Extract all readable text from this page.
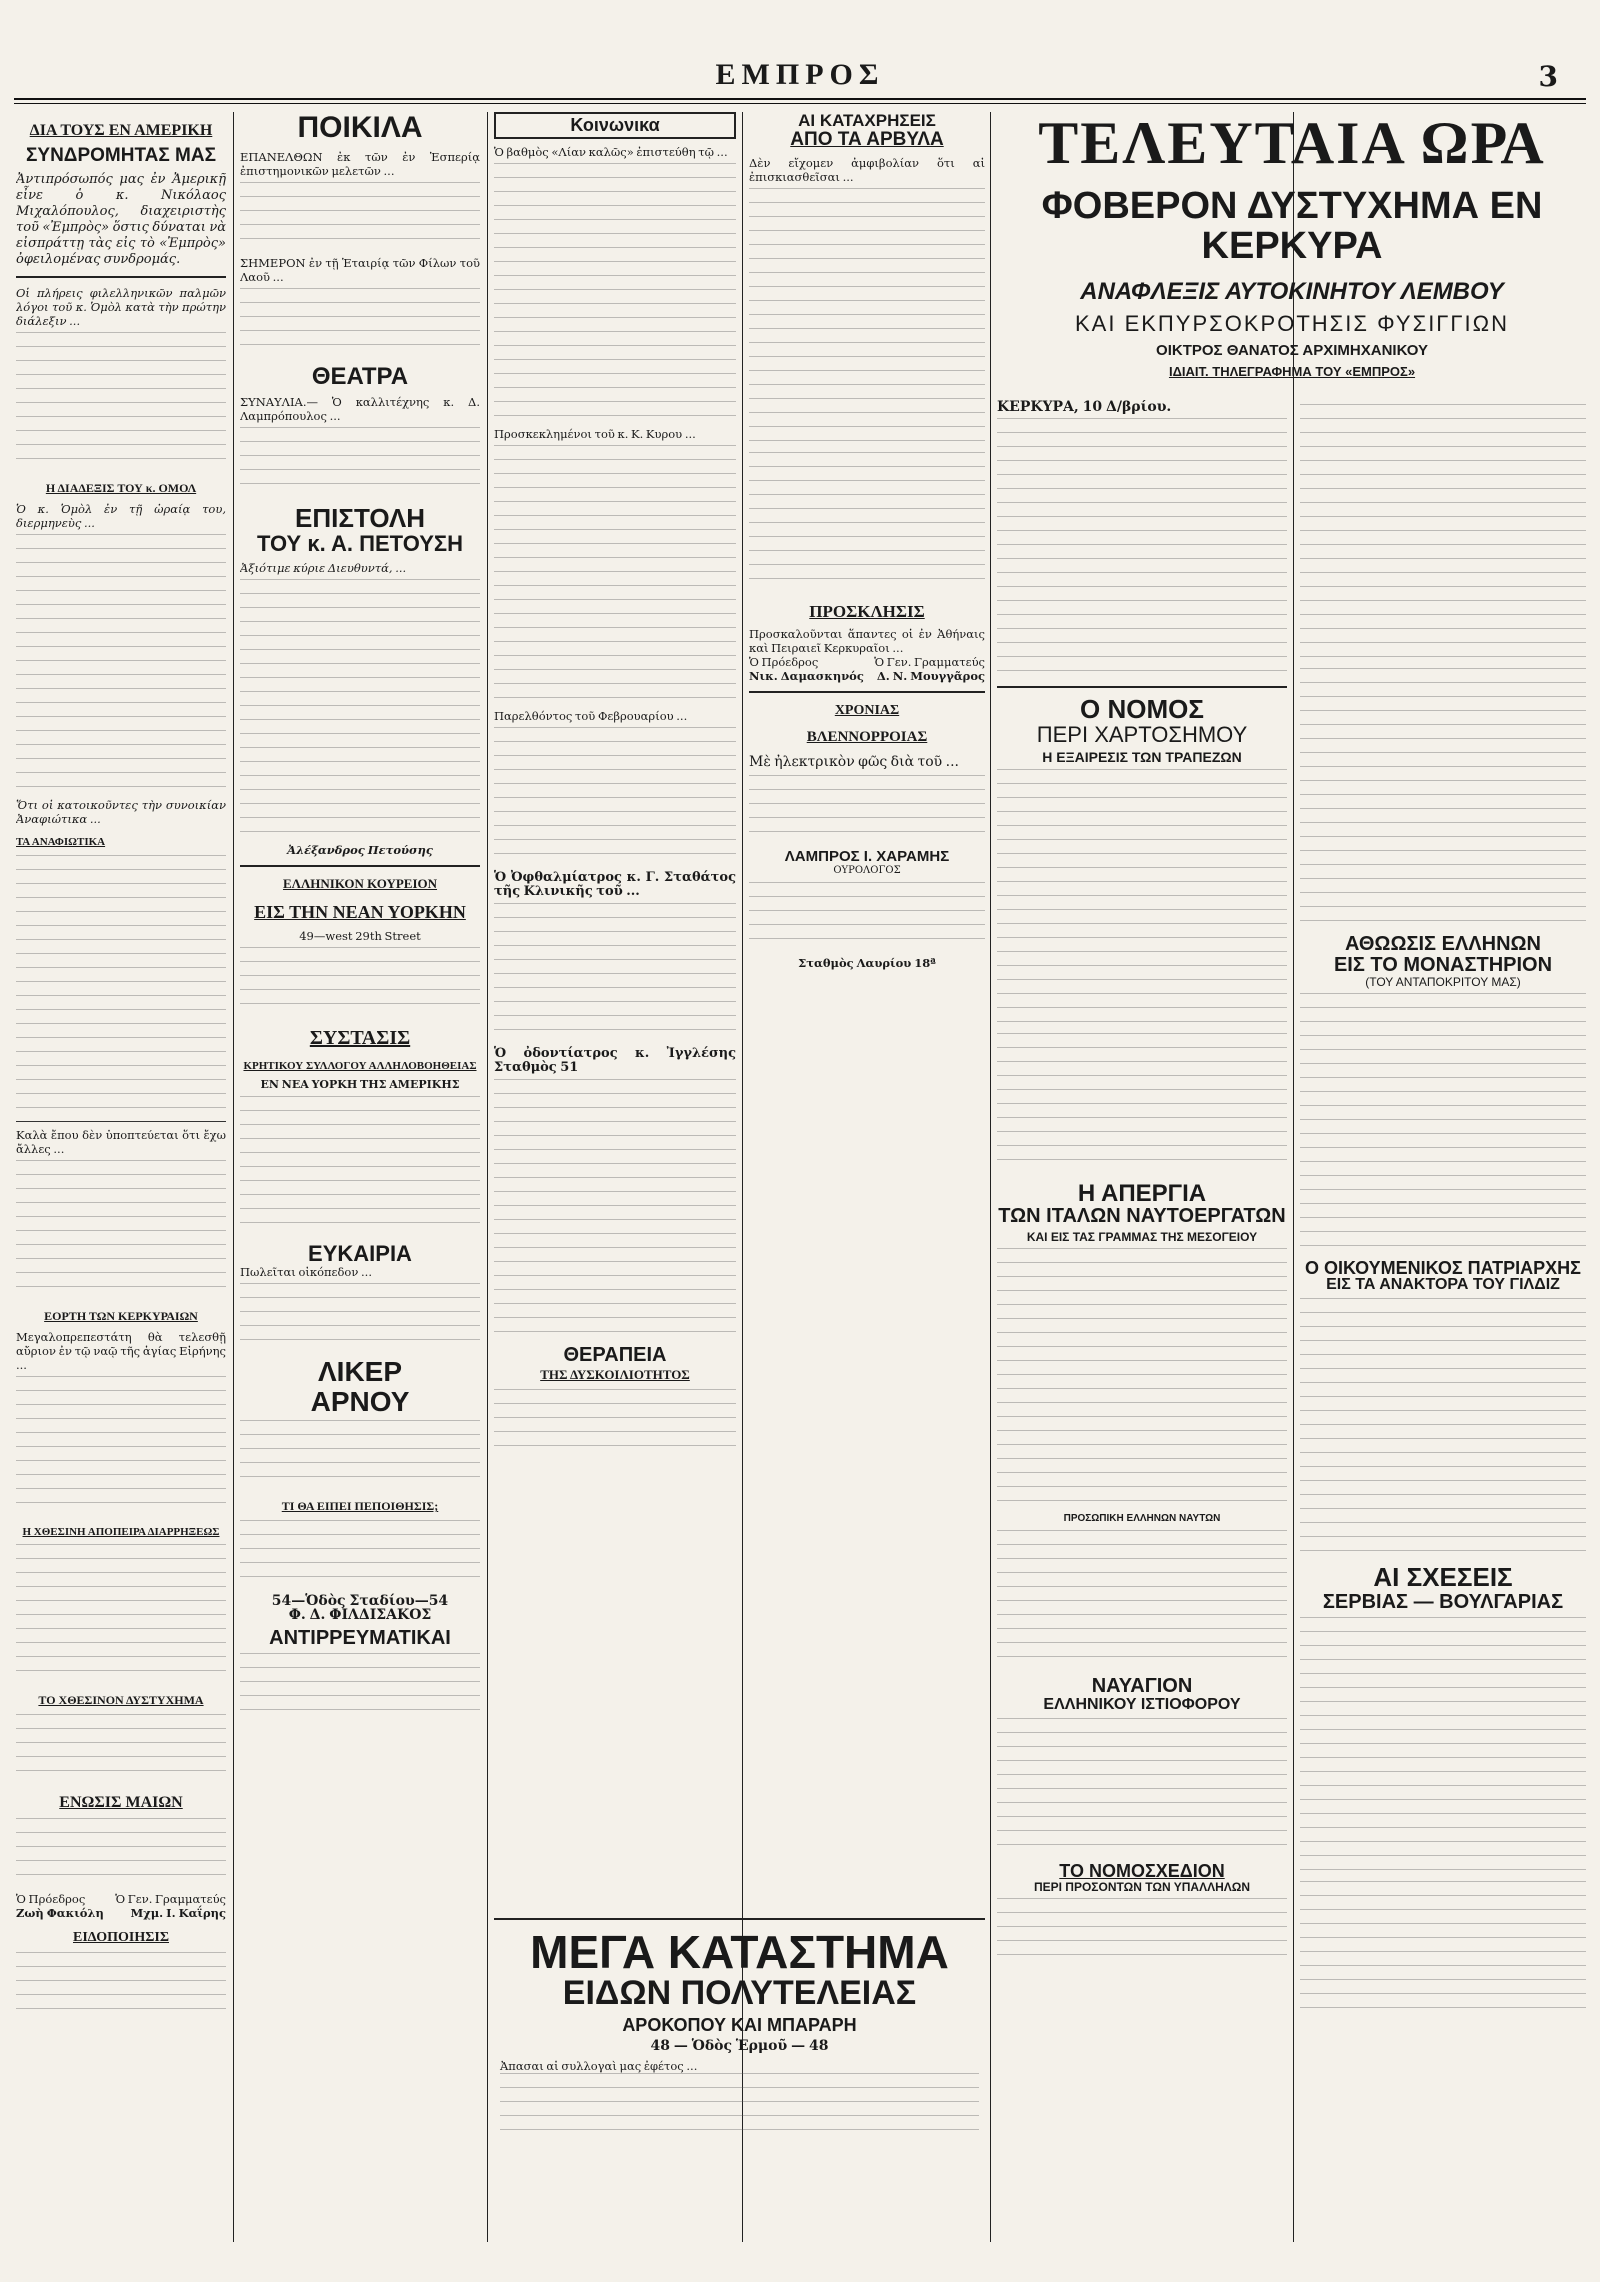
ΕΜΠΡΟΣ	3
ΔΙΑ ΤΟΥΣ ΕΝ ΑΜΕΡΙΚΗ
ΣΥΝΔΡΟΜΗΤΑΣ ΜΑΣ
Ἀντιπρόσωπός μας ἐν Ἀμερικῇ εἶνε ὁ κ. Νικόλαος Μιχαλόπουλος, διαχειριστὴς τοῦ «Ἐμπρὸς» ὅστις δύναται νὰ εἰσπράττῃ τὰς εἰς τὸ «Ἐμπρὸς» ὀφειλομένας συνδρομάς.
Οἱ πλήρεις φιλελληνικῶν παλμῶν λόγοι τοῦ κ. Ὁμὸλ κατὰ τὴν πρώτην διάλεξιν ...
Η ΔΙΑΔΕΞΙΣ ΤΟΥ κ. ΟΜΟΛ
Ὁ κ. Ὁμὸλ ἐν τῇ ὡραίᾳ του, διερμηνεὺς ...
Ὅτι οἱ κατοικοῦντες τὴν συνοικίαν Ἀναφιώτικα ...
ΤΑ ΑΝΑΦΙΩΤΙΚΑ
Καλὰ ἔπου δὲν ὑποπτεύεται ὅτι ἔχω ἄλλες ...
ΕΟΡΤΗ ΤΩΝ ΚΕΡΚΥΡΑΙΩΝ
Μεγαλοπρεπεστάτη θὰ τελεσθῇ αὔριον ἐν τῷ ναῷ τῆς ἁγίας Εἰρήνης ...
Η ΧΘΕΣΙΝΗ ΑΠΟΠΕΙΡΑ ΔΙΑΡΡΗΞΕΩΣ
ΤΟ ΧΘΕΣΙΝΟΝ ΔΥΣΤΥΧΗΜΑ
ΕΝΩΣΙΣ ΜΑΙΩΝ
Ὁ Πρόεδρος	Ὁ Γεν. Γραμματεύς
Ζωὴ Φακιόλη Μχμ. Ι. Καΐρης
ΕΙΔΟΠΟΙΗΣΙΣ
ΠΟΙΚΙΛΑ
ΕΠΑΝΕΛΘΩΝ ἐκ τῶν ἐν Ἑσπερίᾳ ἐπιστημονικῶν μελετῶν ...
ΣΗΜΕΡΟΝ ἐν τῇ Ἑταιρίᾳ τῶν Φίλων τοῦ Λαοῦ ...
ΘΕΑΤΡΑ
ΣΥΝΑΥΛΙΑ.— Ὁ καλλιτέχνης κ. Δ. Λαμπρόπουλος ...
ΕΠΙΣΤΟΛΗ
ΤΟΥ κ. Α. ΠΕΤΟΥΣΗ
Ἀξιότιμε κύριε Διευθυντά, ...
Ἀλέξανδρος Πετούσης
ΕΛΛΗΝΙΚΟΝ ΚΟΥΡΕΙΟΝ
ΕΙΣ ΤΗΝ ΝΕΑΝ ΥΟΡΚΗΝ
49—west 29th Street
ΣΥΣΤΑΣΙΣ
ΚΡΗΤΙΚΟΥ ΣΥΛΛΟΓΟΥ ΑΛΛΗΛΟΒΟΗΘΕΙΑΣ
ΕΝ ΝΕΑ ΥΟΡΚΗ ΤΗΣ ΑΜΕΡΙΚΗΣ
ΕΥΚΑΙΡΙΑ
Πωλεῖται οἰκόπεδον ...
ΛΙΚΕΡ
ΑΡΝΟΥ
ΤΙ ΘΑ ΕΙΠΕΙ ΠΕΠΟΙΘΗΣΙΣ;
54—Ὁδὸς Σταδίου—54
Φ. Δ. ΦΙΛΔΙΣΑΚΟΣ
ΑΝΤΙΡΡΕΥΜΑΤΙΚΑΙ
Κοινωνικα
Ὁ βαθμὸς «Λίαν καλῶς» ἐπιστεύθη τῷ ...
Προσκεκλημένοι τοῦ κ. Κ. Κυρου ...
Παρελθόντος τοῦ Φεβρουαρίου ...
Ὁ Ὀφθαλμίατρος κ. Γ. Σταθάτος τῆς Κλινικῆς τοῦ ...
Ὁ ὀδοντίατρος κ. Ἰγγλέσης Σταθμὸς 51
ΘΕΡΑΠΕΙΑ
ΤΗΣ ΔΥΣΚΟΙΛΙΟΤΗΤΟΣ
ΑΙ ΚΑΤΑΧΡΗΣΕΙΣ
ΑΠΟ ΤΑ ΑΡΒΥΛΑ
Δὲν εἴχομεν ἀμφιβολίαν ὅτι αἱ ἐπισκιασθεῖσαι ...
ΠΡΟΣΚΛΗΣΙΣ
Προσκαλοῦνται ἅπαντες οἱ ἐν Ἀθήναις καὶ Πειραιεῖ Κερκυραῖοι ...
Ὁ Πρόεδρος	Ὁ Γεν. Γραμματεύς
Νικ. Δαμασκηνός Δ. Ν. Μουγγᾶρος
ΧΡΟΝΙΑΣ
ΒΛΕΝΝΟΡΡΟΙΑΣ
Μὲ ἠλεκτρικὸν φῶς διὰ τοῦ ...
ΛΑΜΠΡΟΣ Ι. ΧΑΡΑΜΗΣ
ΟΥΡΟΛΟΓΟΣ
Σταθμὸς Λαυρίου 18ª
ΜΕΓΑ ΚΑΤΑΣΤΗΜΑ
ΕΙΔΩΝ ΠΟΛΥΤΕΛΕΙΑΣ
ΑΡΟΚΟΠΟΥ ΚΑΙ ΜΠΑΡΑΡΗ
48 — Ὁδὸς Ἑρμοῦ — 48
Ἀπασαι αἱ συλλογαὶ μας ἐφέτος ...
ΤΕΛΕΥΤΑΙΑ ΩΡΑ
ΦΟΒΕΡΟΝ ΔΥΣΤΥΧΗΜΑ ΕΝ ΚΕΡΚΥΡΑ
ΑΝΑΦΛΕΞΙΣ ΑΥΤΟΚΙΝΗΤΟΥ ΛΕΜΒΟΥ
ΚΑΙ ΕΚΠΥΡΣΟΚΡΟΤΗΣΙΣ ΦΥΣΙΓΓΙΩΝ
ΟΙΚΤΡΟΣ ΘΑΝΑΤΟΣ ΑΡΧΙΜΗΧΑΝΙΚΟΥ
ΙΔΙΑΙΤ. ΤΗΛΕΓΡΑΦΗΜΑ ΤΟΥ «ΕΜΠΡΟΣ»
ΚΕΡΚΥΡΑ, 10 Δ/βρίου.
Ο ΝΟΜΟΣ
ΠΕΡΙ ΧΑΡΤΟΣΗΜΟΥ
Η ΕΞΑΙΡΕΣΙΣ ΤΩΝ ΤΡΑΠΕΖΩΝ
Η ΑΠΕΡΓΙΑ
ΤΩΝ ΙΤΑΛΩΝ ΝΑΥΤΟΕΡΓΑΤΩΝ
ΚΑΙ ΕΙΣ ΤΑΣ ΓΡΑΜΜΑΣ ΤΗΣ ΜΕΣΟΓΕΙΟΥ
ΠΡΟΣΩΠΙΚΗ ΕΛΛΗΝΩΝ ΝΑΥΤΩΝ
ΝΑΥΑΓΙΟΝ
ΕΛΛΗΝΙΚΟΥ ΙΣΤΙΟΦΟΡΟΥ
ΤΟ ΝΟΜΟΣΧΕΔΙΟΝ
ΠΕΡΙ ΠΡΟΣΟΝΤΩΝ ΤΩΝ ΥΠΑΛΛΗΛΩΝ
ΑΘΩΩΣΙΣ ΕΛΛΗΝΩΝ
ΕΙΣ ΤΟ ΜΟΝΑΣΤΗΡΙΟΝ
(ΤΟΥ ΑΝΤΑΠΟΚΡΙΤΟΥ ΜΑΣ)
Ο ΟΙΚΟΥΜΕΝΙΚΟΣ ΠΑΤΡΙΑΡΧΗΣ
ΕΙΣ ΤΑ ΑΝΑΚΤΟΡΑ ΤΟΥ ΓΙΛΔΙΖ
ΑΙ ΣΧΕΣΕΙΣ
ΣΕΡΒΙΑΣ — ΒΟΥΛΓΑΡΙΑΣ
